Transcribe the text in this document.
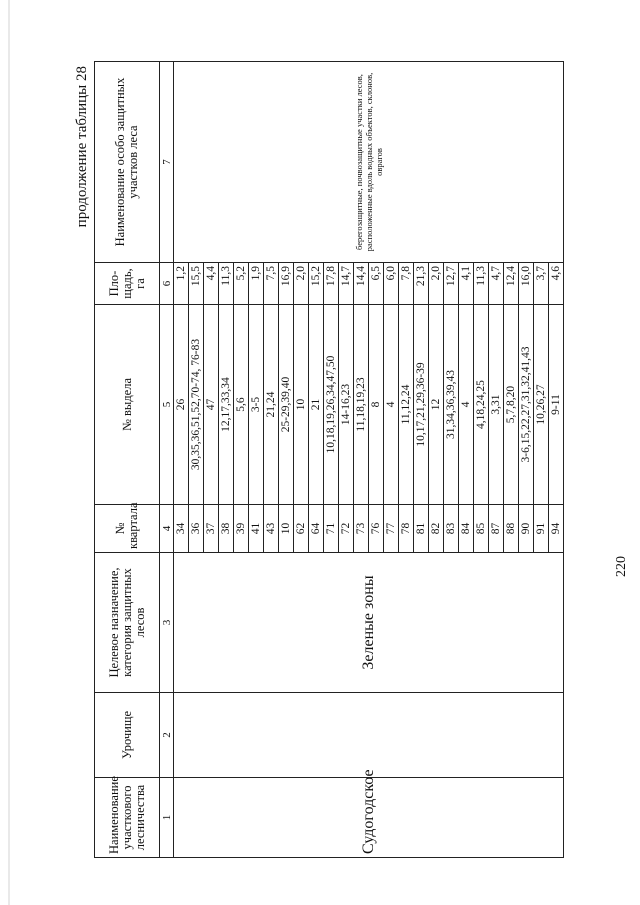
продолжение таблицы 28
Наименование участкового лесничества	Урочище	Целевое назначение, категория защитных лесов	№ квартала	№ выдела	Пло-щадь, га	Наименование особо защитных участков леса
1	2	3	4	5	6	7
Судогодское		Зеленые зоны	34	26	1,2	берегозащитные, почвозащитные участки лесов, расположенные вдоль водных объектов, склонов, оврагов
			36	30,35,36,51,52,70-74, 76-83	15,5	
			37	47	4,4	
			38	12,17,33,34	11,3	
			39	5,6	5,2	
			41	3-5	1,9	
			43	21,24	7,5	
			10	25-29,39,40	16,9	
			62	10	2,0	
			64	21	15,2	
			71	10,18,19,26,34,47,50	17,8	
			72	14-16,23	14,7	
			73	11,18,19,23	14,4	
			76	8	6,5	
			77	4	6,0	
			78	11,12,24	7,8	
			81	10,17,21,29,36-39	21,3	
			82	12	2,0	
			83	31,34,36,39,43	12,7	
			84	4	4,1	
			85	4,18,24,25	11,3	
			87	3,31	4,7	
			88	5,7,8,20	12,4	
			90	3-6,15,22,27,31,32,41,43	16,0	
			91	10,26,27	3,7	
			94	9-11	4,6	
220
